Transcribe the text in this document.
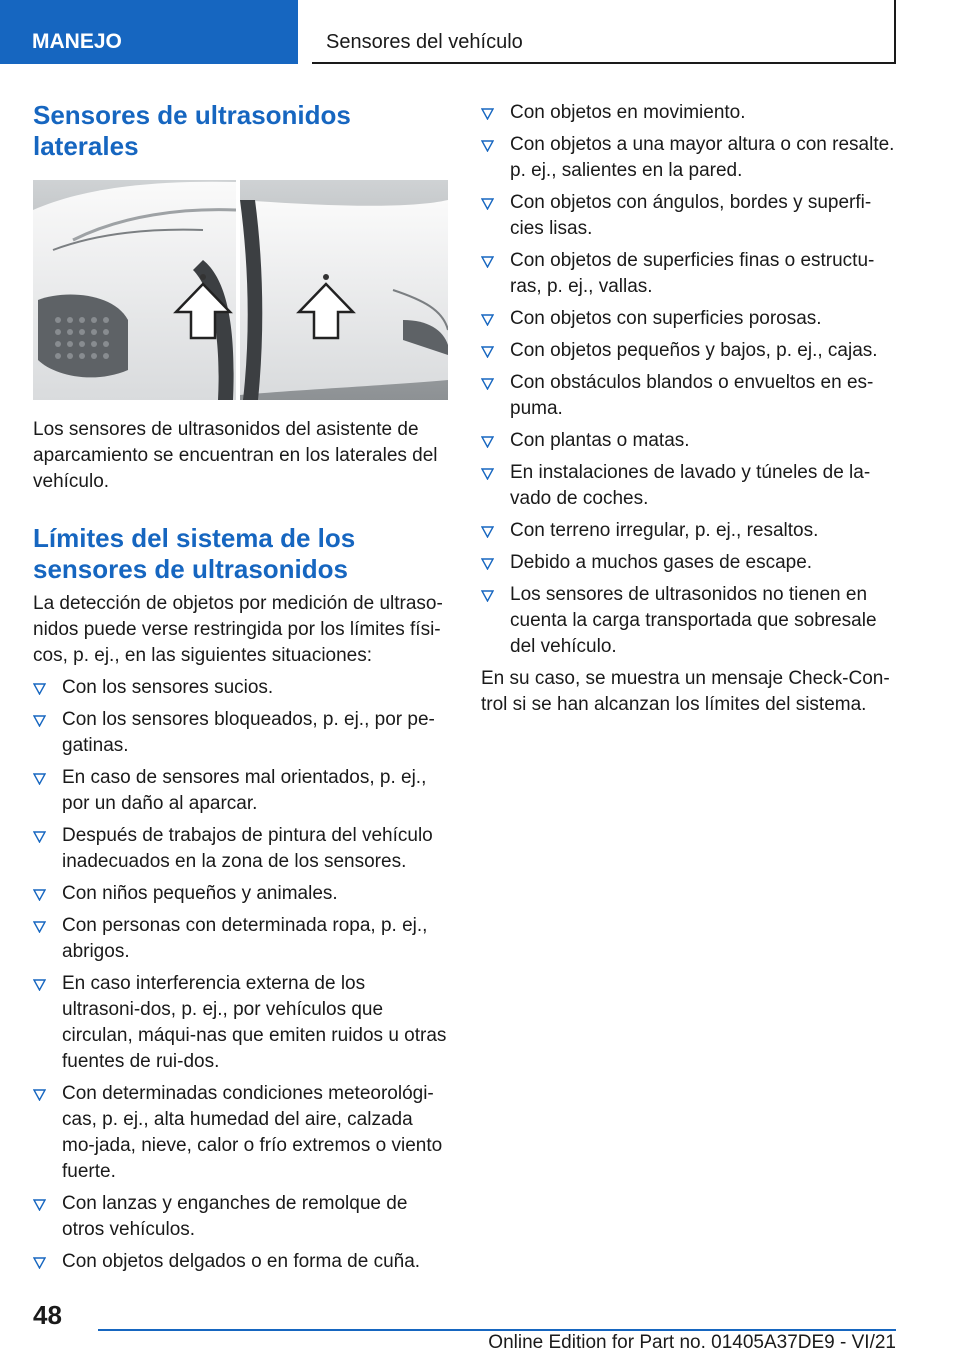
MANEJO	Sensores del vehículo
Sensores de ultrasonidos laterales

Los sensores de ultrasonidos del asistente de aparcamiento se encuentran en los laterales del vehículo.

Límites del sistema de los sensores de ultrasonidos

La detección de objetos por medición de ultraso-nidos puede verse restringida por los límites físi-cos, p. ej., en las siguientes situaciones:

Con los sensores sucios.
Con los sensores bloqueados, p. ej., por pe-gatinas.
En caso de sensores mal orientados, p. ej., por un daño al aparcar.
Después de trabajos de pintura del vehículo inadecuados en la zona de los sensores.
Con niños pequeños y animales.
Con personas con determinada ropa, p. ej., abrigos.
En caso interferencia externa de los ultrasoni-dos, p. ej., por vehículos que circulan, máqui-nas que emiten ruidos u otras fuentes de rui-dos.
Con determinadas condiciones meteorológi-cas, p. ej., alta humedad del aire, calzada mo-jada, nieve, calor o frío extremos o viento fuerte.
Con lanzas y enganches de remolque de otros vehículos.
Con objetos delgados o en forma de cuña.
Con objetos en movimiento.
Con objetos a una mayor altura o con resalte. p. ej., salientes en la pared.
Con objetos con ángulos, bordes y superfi-cies lisas.
Con objetos de superficies finas o estructu-ras, p. ej., vallas.
Con objetos con superficies porosas.
Con objetos pequeños y bajos, p. ej., cajas.
Con obstáculos blandos o envueltos en es-puma.
Con plantas o matas.
En instalaciones de lavado y túneles de la-vado de coches.
Con terreno irregular, p. ej., resaltos.
Debido a muchos gases de escape.
Los sensores de ultrasonidos no tienen en cuenta la carga transportada que sobresale del vehículo.

En su caso, se muestra un mensaje Check-Con-trol si se han alcanzan los límites del sistema.

48
Online Edition for Part no. 01405A37DE9 - VI/21
